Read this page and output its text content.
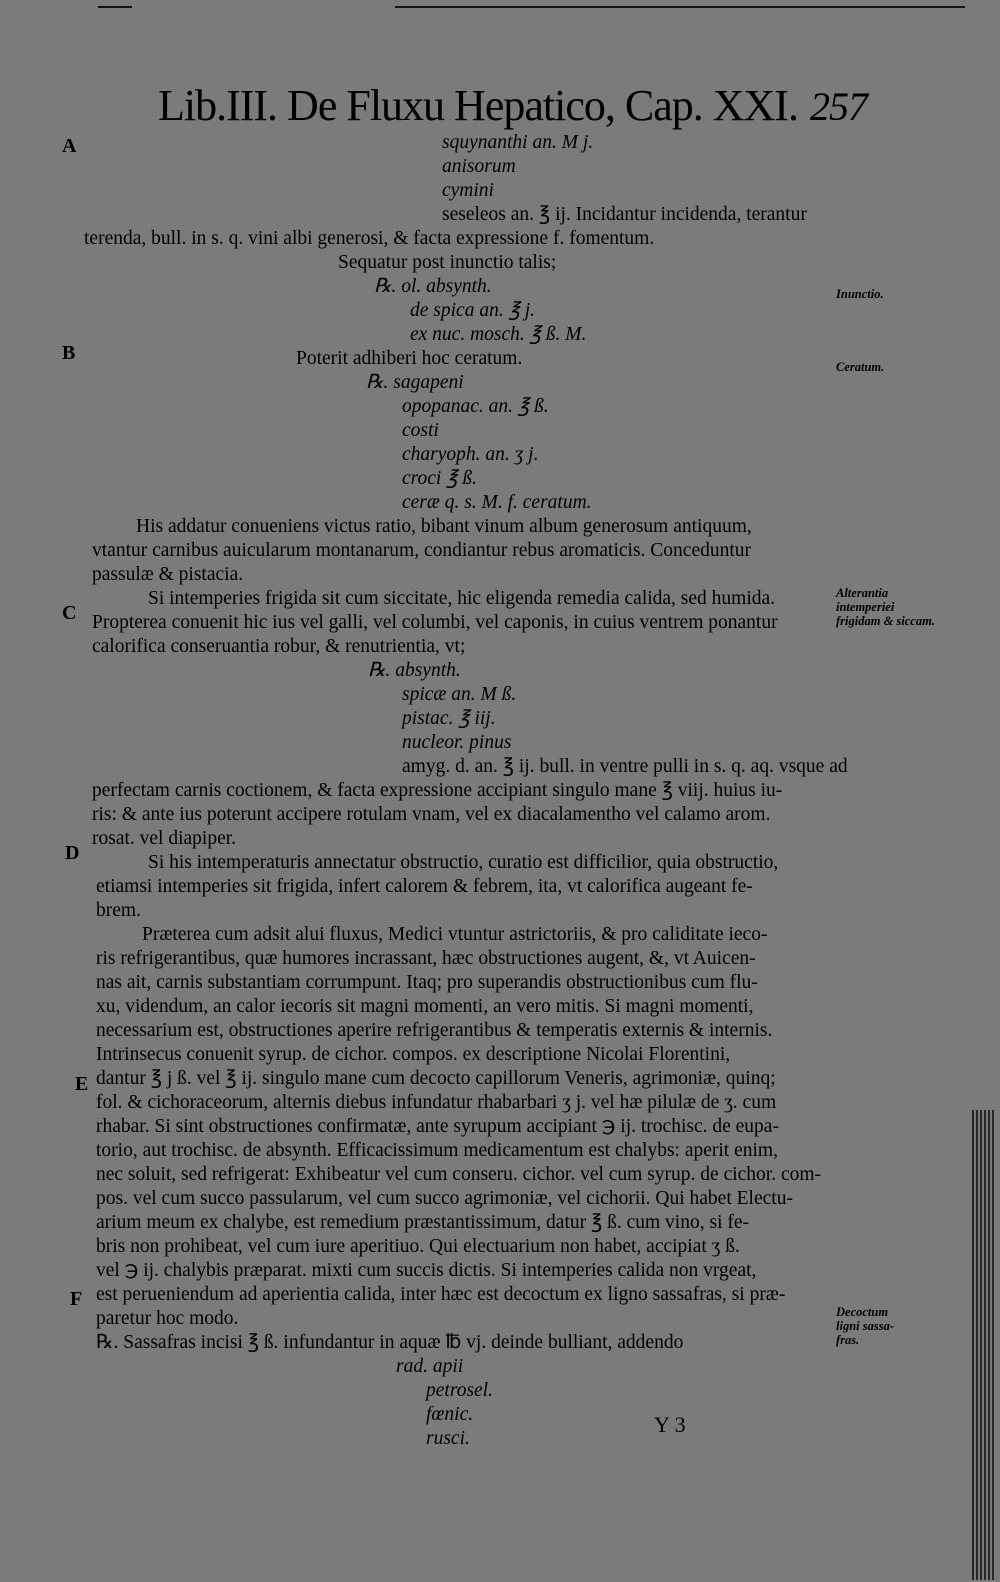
Lib.III. De Fluxu Hepatico, Cap. XXI. 257
A
B
C
D
E
F
Inunctio.
Ceratum.
Alterantia
intemperiei
frigidam & siccam.
Decoctum
ligni sassa-
fras.
squynanthi an. M j.
anisorum
cymini
seseleos an. ℥ ij. Incidantur incidenda, terantur
terenda, bull. in s. q. vini albi generosi, & facta expressione f. fomentum.
Sequatur post inunctio talis;
℞. ol. absynth.
de spica an. ℥ j.
ex nuc. mosch. ℥ ß. M.
Poterit adhiberi hoc ceratum.
℞. sagapeni
opopanac. an. ℥ ß.
costi
charyoph. an. ʒ j.
croci ℥ ß.
ceræ q. s. M. f. ceratum.
His addatur conueniens victus ratio, bibant vinum album generosum antiquum,
vtantur carnibus auicularum montanarum, condiantur rebus aromaticis. Conceduntur
passulæ & pistacia.
Si intemperies frigida sit cum siccitate, hic eligenda remedia calida, sed humida.
Propterea conuenit hic ius vel galli, vel columbi, vel caponis, in cuius ventrem ponantur
calorifica conseruantia robur, & renutrientia, vt;
℞. absynth.
spicæ an. M ß.
pistac. ℥ iij.
nucleor. pinus
amyg. d. an. ℥ ij. bull. in ventre pulli in s. q. aq. vsque ad
perfectam carnis coctionem, & facta expressione accipiant singulo mane ℥ viij. huius iu-
ris: & ante ius poterunt accipere rotulam vnam, vel ex diacalamentho vel calamo arom.
rosat. vel diapiper.
Si his intemperaturis annectatur obstructio, curatio est difficilior, quia obstructio,
etiamsi intemperies sit frigida, infert calorem & febrem, ita, vt calorifica augeant fe-
brem.
Præterea cum adsit alui fluxus, Medici vtuntur astrictoriis, & pro caliditate ieco-
ris refrigerantibus, quæ humores incrassant, hæc obstructiones augent, &, vt Auicen-
nas ait, carnis substantiam corrumpunt. Itaq; pro superandis obstructionibus cum flu-
xu, videndum, an calor iecoris sit magni momenti, an vero mitis. Si magni momenti,
necessarium est, obstructiones aperire refrigerantibus & temperatis externis & internis.
Intrinsecus conuenit syrup. de cichor. compos. ex descriptione Nicolai Florentini,
dantur ℥ j ß. vel ℥ ij. singulo mane cum decocto capillorum Veneris, agrimoniæ, quinq;
fol. & cichoraceorum, alternis diebus infundatur rhabarbari ʒ j. vel hæ pilulæ de ʒ. cum
rhabar. Si sint obstructiones confirmatæ, ante syrupum accipiant ℈ ij. trochisc. de eupa-
torio, aut trochisc. de absynth. Efficacissimum medicamentum est chalybs: aperit enim,
nec soluit, sed refrigerat: Exhibeatur vel cum conseru. cichor. vel cum syrup. de cichor. com-
pos. vel cum succo passularum, vel cum succo agrimoniæ, vel cichorii. Qui habet Electu-
arium meum ex chalybe, est remedium præstantissimum, datur ℥ ß. cum vino, si fe-
bris non prohibeat, vel cum iure aperitiuo. Qui electuarium non habet, accipiat ʒ ß.
vel ℈ ij. chalybis præparat. mixti cum succis dictis. Si intemperies calida non vrgeat,
est perueniendum ad aperientia calida, inter hæc est decoctum ex ligno sassafras, si præ-
paretur hoc modo.
℞. Sassafras incisi ℥ ß. infundantur in aquæ ℔ vj. deinde bulliant, addendo
rad. apii
petrosel.
fœnic.
rusci.
Y 3
